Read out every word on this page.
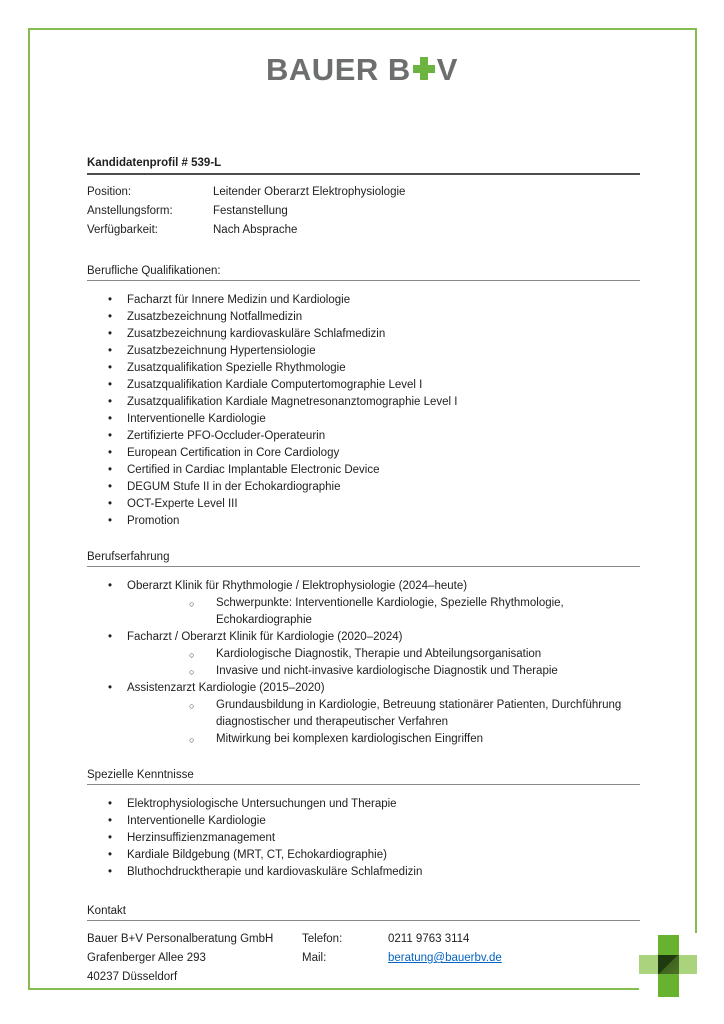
BAUER B V
Kandidatenprofil # 539-L
Position:	Leitender Oberarzt Elektrophysiologie
Anstellungsform:	Festanstellung
Verfügbarkeit:	Nach Absprache
Berufliche Qualifikationen:
• Facharzt für Innere Medizin und Kardiologie
• Zusatzbezeichnung Notfallmedizin
• Zusatzbezeichnung kardiovaskuläre Schlafmedizin
• Zusatzbezeichnung Hypertensiologie
• Zusatzqualifikation Spezielle Rhythmologie
• Zusatzqualifikation Kardiale Computertomographie Level I
• Zusatzqualifikation Kardiale Magnetresonanztomographie Level I
• Interventionelle Kardiologie
• Zertifizierte PFO-Occluder-Operateurin
• European Certification in Core Cardiology
• Certified in Cardiac Implantable Electronic Device
• DEGUM Stufe II in der Echokardiographie
• OCT-Experte Level III
• Promotion
Berufserfahrung
• Oberarzt Klinik für Rhythmologie / Elektrophysiologie (2024–heute)
○ Schwerpunkte: Interventionelle Kardiologie, Spezielle Rhythmologie, Echokardiographie
• Facharzt / Oberarzt Klinik für Kardiologie (2020–2024)
○ Kardiologische Diagnostik, Therapie und Abteilungsorganisation
○ Invasive und nicht-invasive kardiologische Diagnostik und Therapie
• Assistenzarzt Kardiologie (2015–2020)
○ Grundausbildung in Kardiologie, Betreuung stationärer Patienten, Durchführung diagnostischer und therapeutischer Verfahren
○ Mitwirkung bei komplexen kardiologischen Eingriffen
Spezielle Kenntnisse
• Elektrophysiologische Untersuchungen und Therapie
• Interventionelle Kardiologie
• Herzinsuffizienzmanagement
• Kardiale Bildgebung (MRT, CT, Echokardiographie)
• Bluthochdrucktherapie und kardiovaskuläre Schlafmedizin
Kontakt
Bauer B+V Personalberatung GmbH
Grafenberger Allee 293
40237 Düsseldorf
Telefon:	0211 9763 3114
Mail:	beratung@bauerbv.de
